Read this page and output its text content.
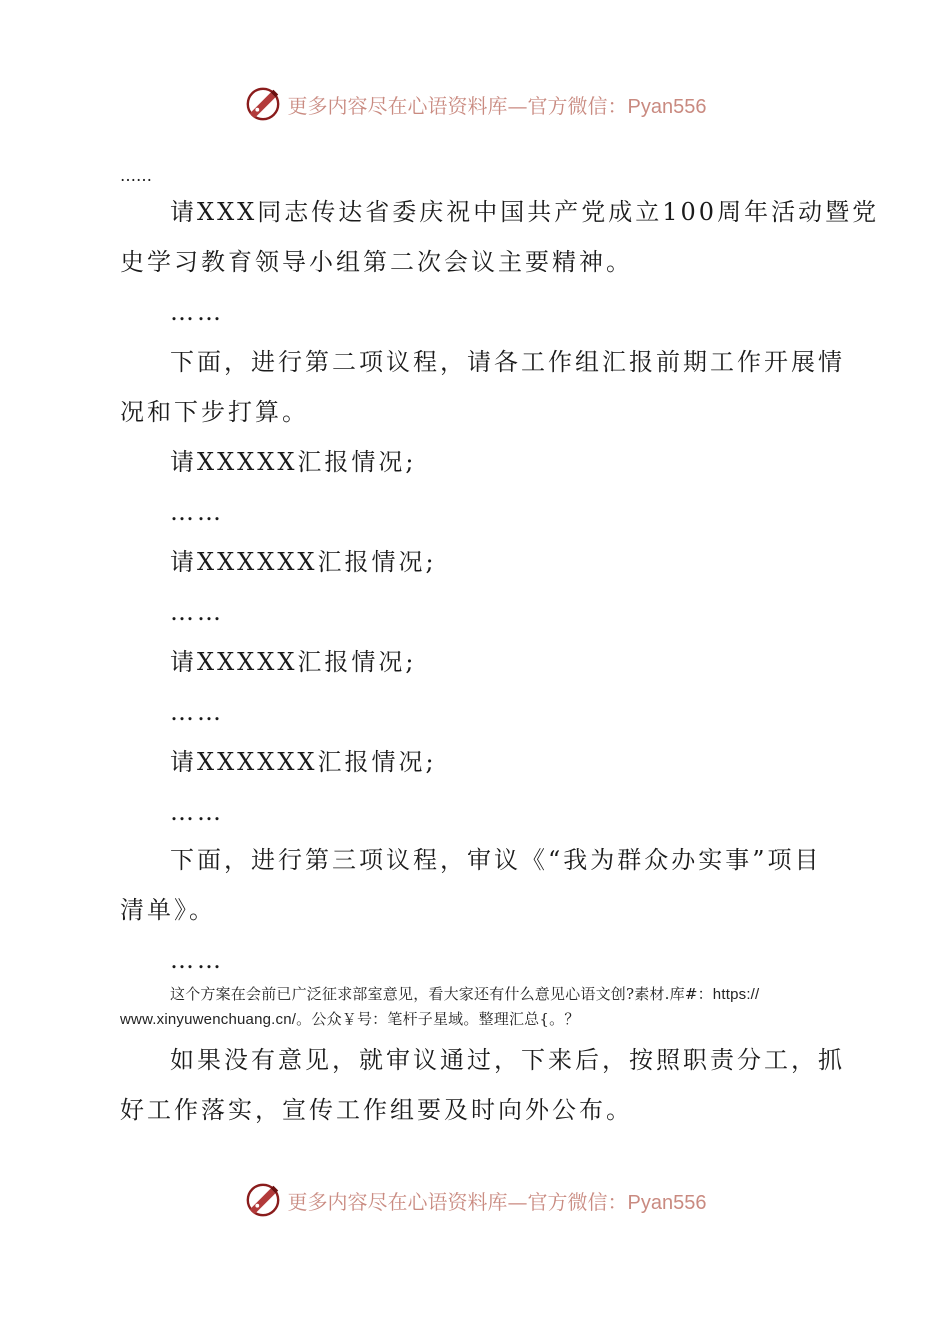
更多内容尽在心语资料库—官方微信：Pyan556
……
请XXX同志传达省委庆祝中国共产党成立100周年活动暨党
史学习教育领导小组第二次会议主要精神。
……
下面，进行第二项议程，请各工作组汇报前期工作开展情
况和下步打算。
请XXXXX汇报情况;
……
请XXXXXX汇报情况;
……
请XXXXX汇报情况;
……
请XXXXXX汇报情况;
……
下面，进行第三项议程，审议《“我为群众办实事”项目
清单》。
……
这个方案在会前已广泛征求部室意见，看大家还有什么意见心语文创?素材.库#：https://
www.xinyuwenchuang.cn/。公众￥号：笔杆子星域。整理汇总{。？
如果没有意见，就审议通过，下来后，按照职责分工，抓
好工作落实，宣传工作组要及时向外公布。
更多内容尽在心语资料库—官方微信：Pyan556
